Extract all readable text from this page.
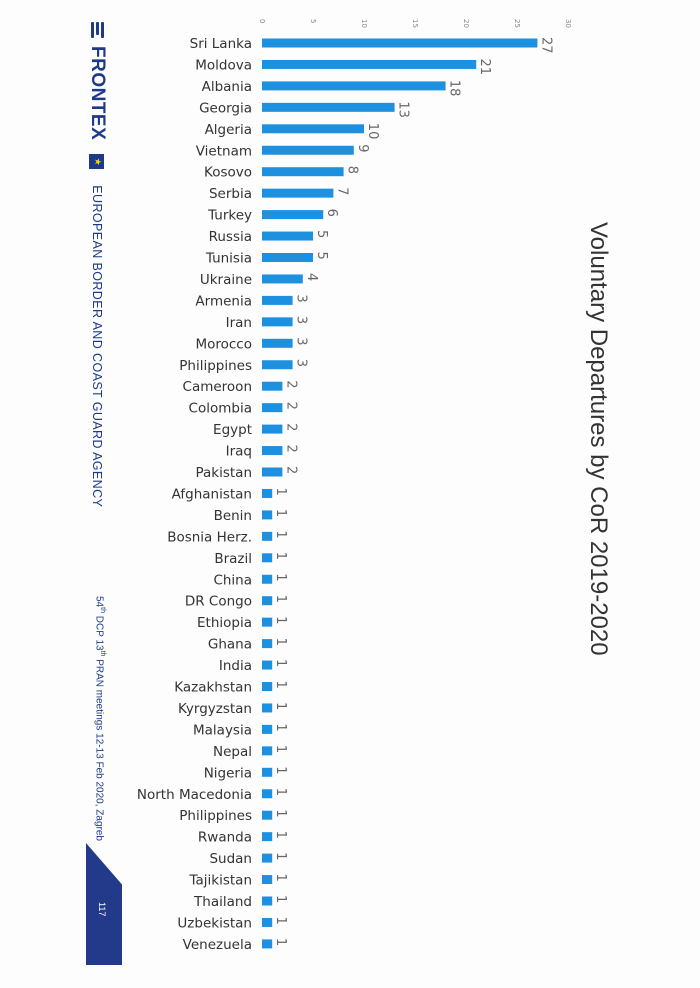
FRONTEX
★
EUROPEAN BORDER AND COAST GUARD AGENCY
54th DCP 13th PRAN meetings 12-13 Feb 2020, Zagreb
117
Voluntary Departures by CoR 2019-2020
0	5	10	15	20	25	30
Sri Lanka	27
Moldova	21
Albania	18
Georgia	13
Algeria	10
Vietnam	9
Kosovo	8
Serbia	7
Turkey	6
Russia	5
Tunisia	5
Ukraine	4
Armenia	3
Iran	3
Morocco	3
Philippines	3
Cameroon 2
Colombia 2
Egypt 2
Iraq 2
Pakistan 2
Afghanistan 1
Benin 1
Bosnia Herz. 1
Brazil 1
China 1
DR Congo 1
Ethiopia 1
Ghana 1
India 1
Kazakhstan 1
Kyrgyzstan 1
Malaysia 1
Nepal 1
Nigeria 1
North Macedonia 1
Philippines 1
Rwanda 1
Sudan 1
Tajikistan 1
Thailand 1
Uzbekistan 1
Venezuela 1
